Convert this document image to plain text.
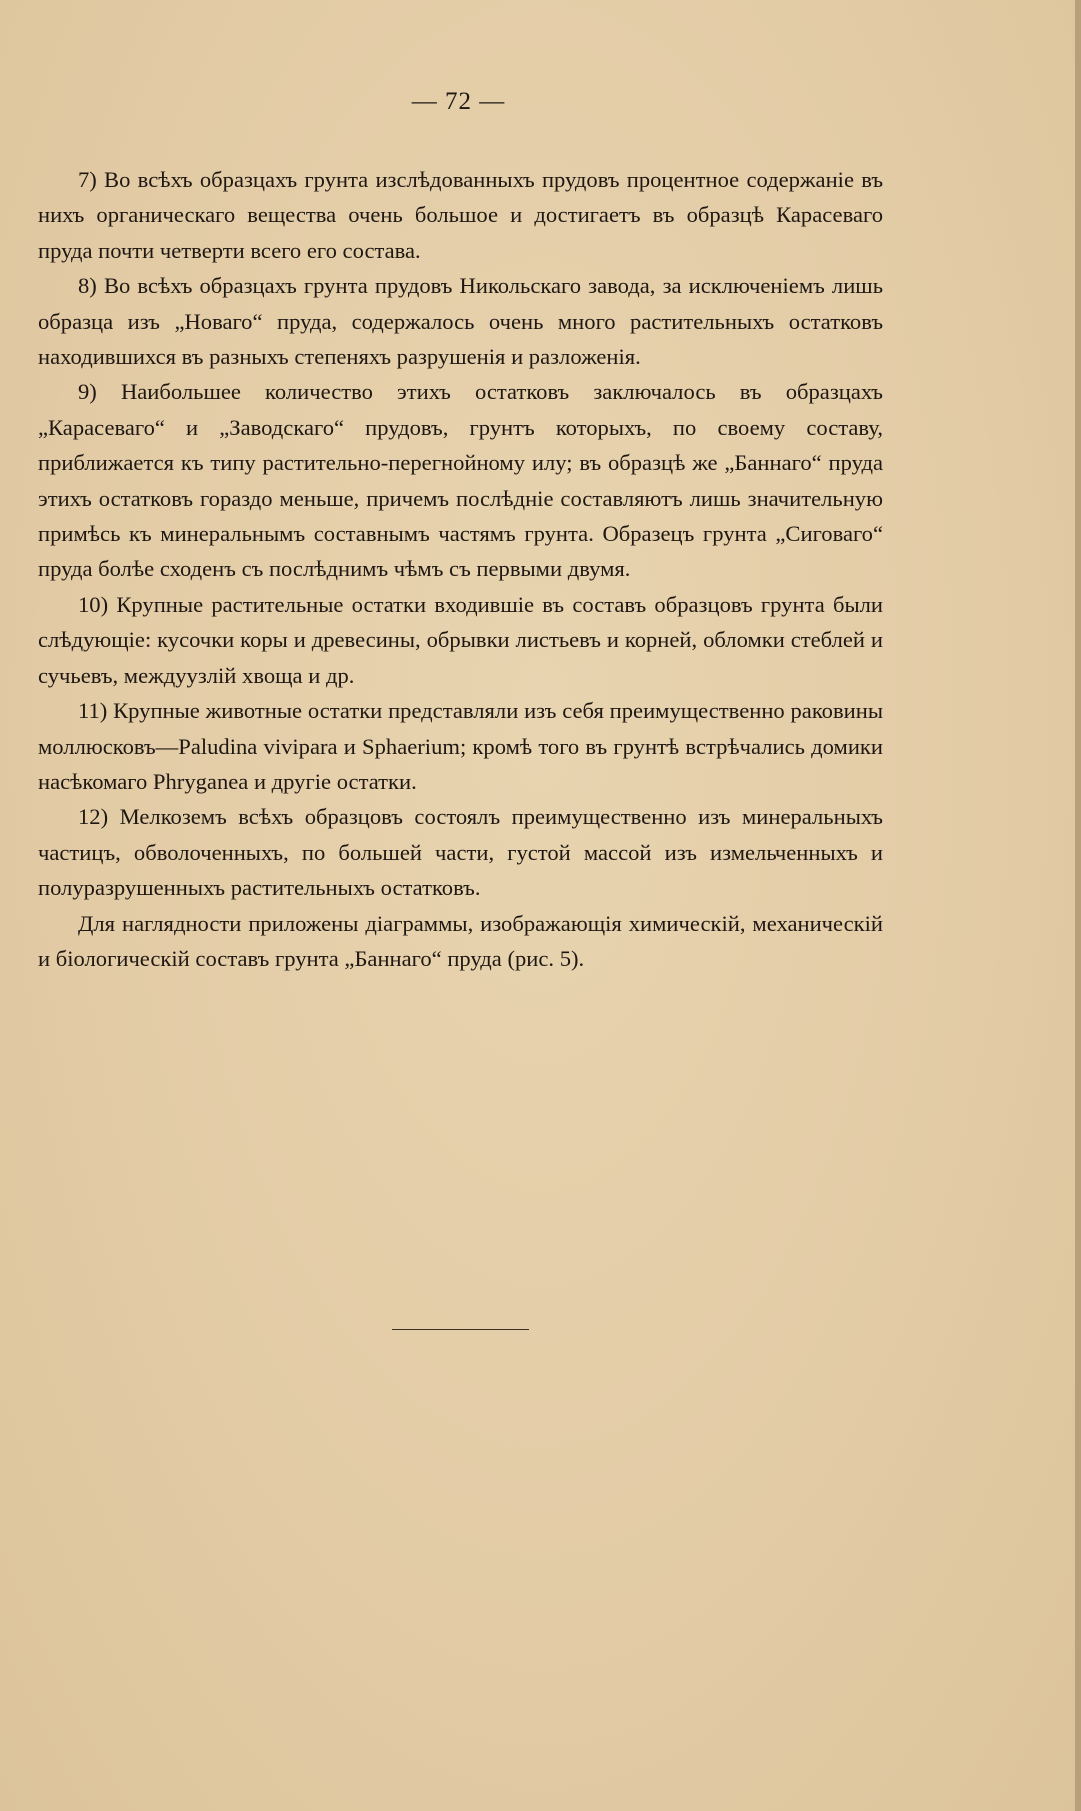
— 72 —

7) Во всѣхъ образцахъ грунта изслѣдованныхъ прудовъ процентное содержаніе въ нихъ органическаго вещества очень большое и достигаетъ въ образцѣ Карасеваго пруда почти четверти всего его состава.

8) Во всѣхъ образцахъ грунта прудовъ Никольскаго завода, за исключеніемъ лишь образца изъ „Новаго“ пруда, содержалось очень много растительныхъ остатковъ находившихся въ разныхъ степеняхъ разрушенія и разложенія.

9) Наибольшее количество этихъ остатковъ заключалось въ образцахъ „Карасеваго“ и „Заводскаго“ прудовъ, грунтъ которыхъ, по своему составу, приближается къ типу растительно-перегнойному илу; въ образцѣ же „Баннаго“ пруда этихъ остатковъ гораздо меньше, причемъ послѣдніе составляютъ лишь значительную примѣсь къ минеральнымъ составнымъ частямъ грунта. Образецъ грунта „Сиговаго“ пруда болѣе сходенъ съ послѣднимъ чѣмъ съ первыми двумя.

10) Крупные растительные остатки входившіе въ составъ образцовъ грунта были слѣдующіе: кусочки коры и древесины, обрывки листьевъ и корней, обломки стеблей и сучьевъ, междуузлій хвоща и др.

11) Крупные животные остатки представляли изъ себя преимущественно раковины моллюсковъ—Paludina vivipara и Sphaerium; кромѣ того въ грунтѣ встрѣчались домики насѣкомаго Phryganea и другіе остатки.

12) Мелкоземъ всѣхъ образцовъ состоялъ преимущественно изъ минеральныхъ частицъ, обволоченныхъ, по большей части, густой массой изъ измельченныхъ и полуразрушенныхъ растительныхъ остатковъ.

Для наглядности приложены діаграммы, изображающія химическій, механическій и біологическій составъ грунта „Баннаго“ пруда (рис. 5).
